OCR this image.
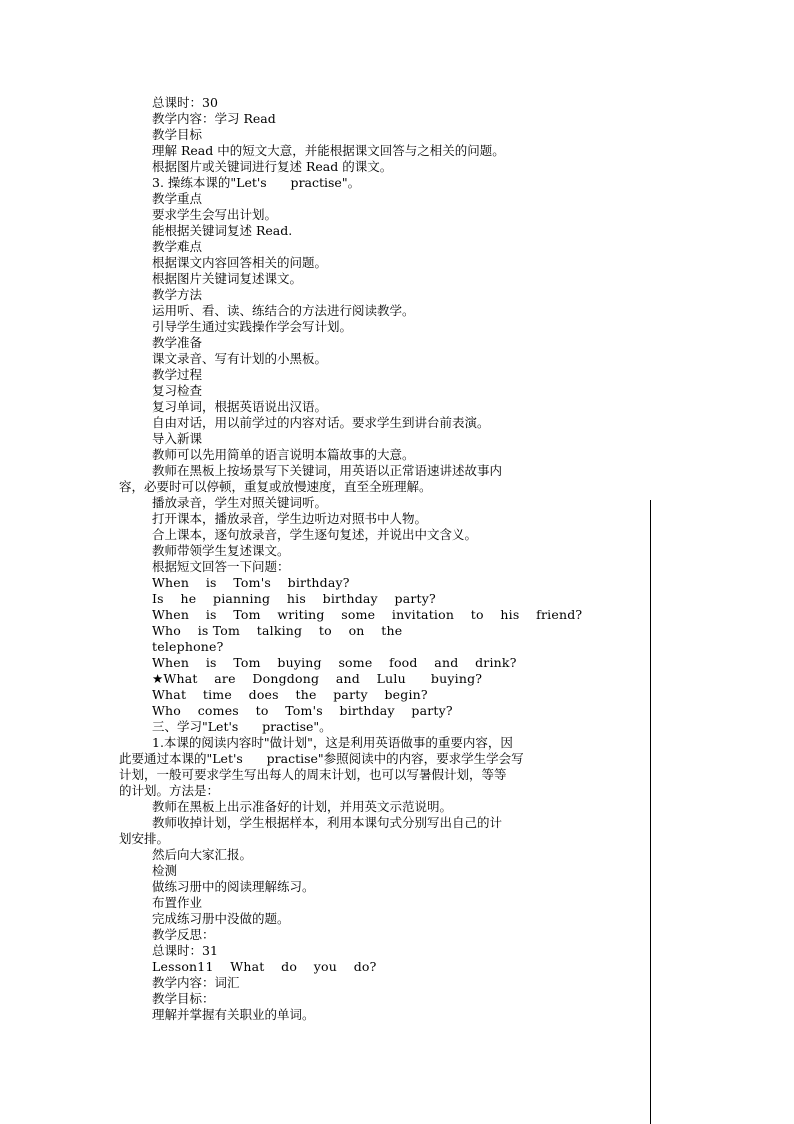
总课时：30
教学内容：学习 Read
教学目标
理解 Read 中的短文大意，并能根据课文回答与之相关的问题。
根据图片或关键词进行复述 Read 的课文。
3. 操练本课的"Let's      practise"。
教学重点
要求学生会写出计划。
能根据关键词复述 Read.
教学难点
根据课文内容回答相关的问题。
根据图片关键词复述课文。
教学方法
运用听、看、读、练结合的方法进行阅读教学。
引导学生通过实践操作学会写计划。
教学准备
课文录音、写有计划的小黑板。
教学过程
复习检查
复习单词，根据英语说出汉语。
自由对话，用以前学过的内容对话。要求学生到讲台前表演。
导入新课
教师可以先用简单的语言说明本篇故事的大意。
教师在黑板上按场景写下关键词，用英语以正常语速讲述故事内
容，必要时可以停顿，重复或放慢速度，直至全班理解。
播放录音，学生对照关键词听。
打开课本，播放录音，学生边听边对照书中人物。
合上课本，逐句放录音，学生逐句复述，并说出中文含义。
教师带领学生复述课文。
根据短文回答一下问题：
When    is    Tom's    birthday?
Is    he    pianning    his    birthday    party?
When    is    Tom    writing    some    invitation    to    his    friend?
Who    is Tom    talking    to    on    the
telephone?
When    is    Tom    buying    some    food    and    drink?
★What    are    Dongdong    and    Lulu      buying?
What    time    does    the    party    begin?
Who    comes    to    Tom's    birthday    party?
三、学习"Let's      practise"。
1.本课的阅读内容时"做计划"，这是利用英语做事的重要内容，因
此要通过本课的"Let's      practise"参照阅读中的内容，要求学生学会写
计划，一般可要求学生写出每人的周末计划，也可以写暑假计划，等等
的计划。方法是：
教师在黑板上出示准备好的计划，并用英文示范说明。
教师收掉计划，学生根据样本，利用本课句式分别写出自己的计
划安排。
然后向大家汇报。
检测
做练习册中的阅读理解练习。
布置作业
完成练习册中没做的题。
教学反思：
总课时：31
Lesson11    What    do    you    do?
教学内容：词汇
教学目标：
理解并掌握有关职业的单词。
